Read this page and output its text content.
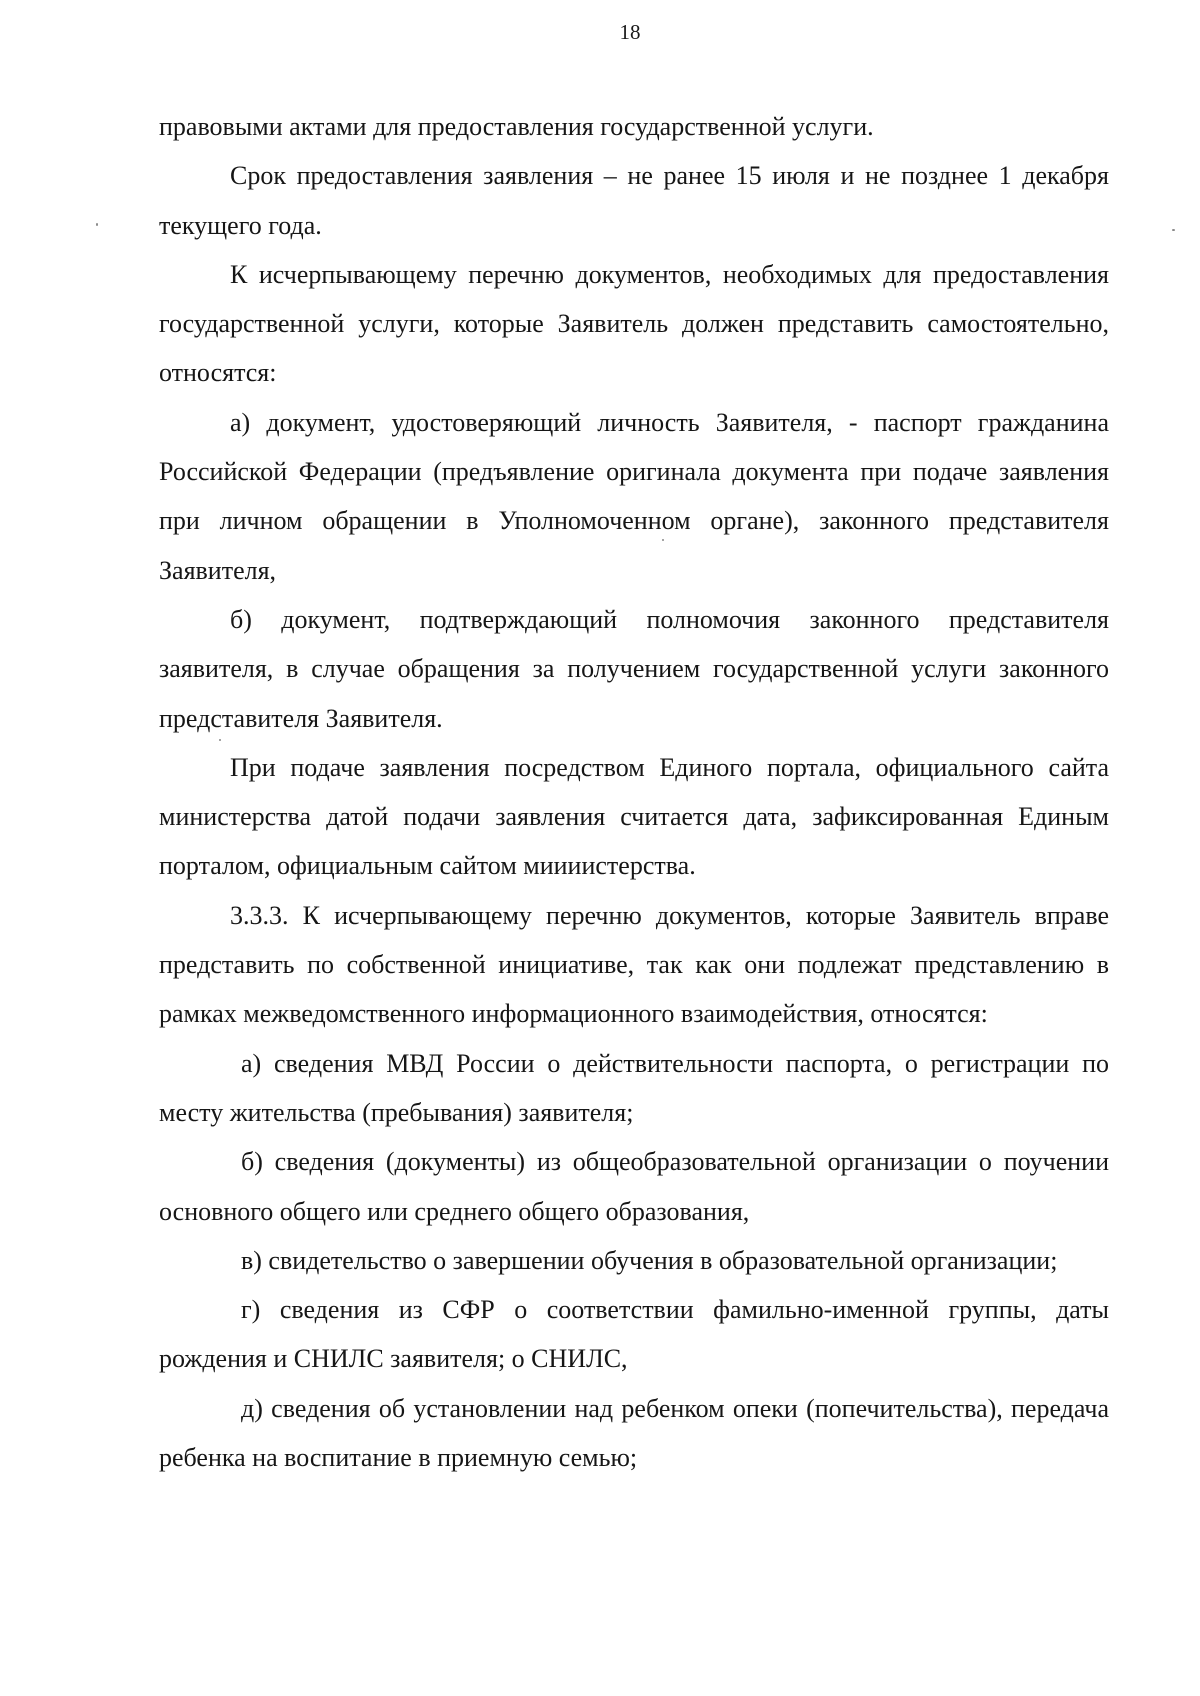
18

правовыми актами для предоставления государственной услуги.

Срок предоставления заявления – не ранее 15 июля и не позднее 1 декабря текущего года.

К исчерпывающему перечню документов, необходимых для предоставления государственной услуги, которые Заявитель должен представить самостоятельно, относятся:

а) документ, удостоверяющий личность Заявителя, - паспорт гражданина Российской Федерации (предъявление оригинала документа при подаче заявления при личном обращении в Уполномоченном органе), законного представителя Заявителя,

б) документ, подтверждающий полномочия законного представителя заявителя, в случае обращения за получением государственной услуги законного представителя Заявителя.

При подаче заявления посредством Единого портала, официального сайта министерства датой подачи заявления считается дата, зафиксированная Единым порталом, официальным сайтом миииистерства.

3.3.3. К исчерпывающему перечню документов, которые Заявитель вправе представить по собственной инициативе, так как они подлежат представлению в рамках межведомственного информационного взаимодействия, относятся:

а) сведения МВД России о действительности паспорта, о регистрации по месту жительства (пребывания) заявителя;

б) сведения (документы) из общеобразовательной организации о поучении основного общего или среднего общего образования,

в) свидетельство о завершении обучения в образовательной организации;

г) сведения из СФР о соответствии фамильно-именной группы, даты рождения и СНИЛС заявителя; о СНИЛС,

д) сведения об установлении над ребенком опеки (попечительства), передача ребенка на воспитание в приемную семью;
